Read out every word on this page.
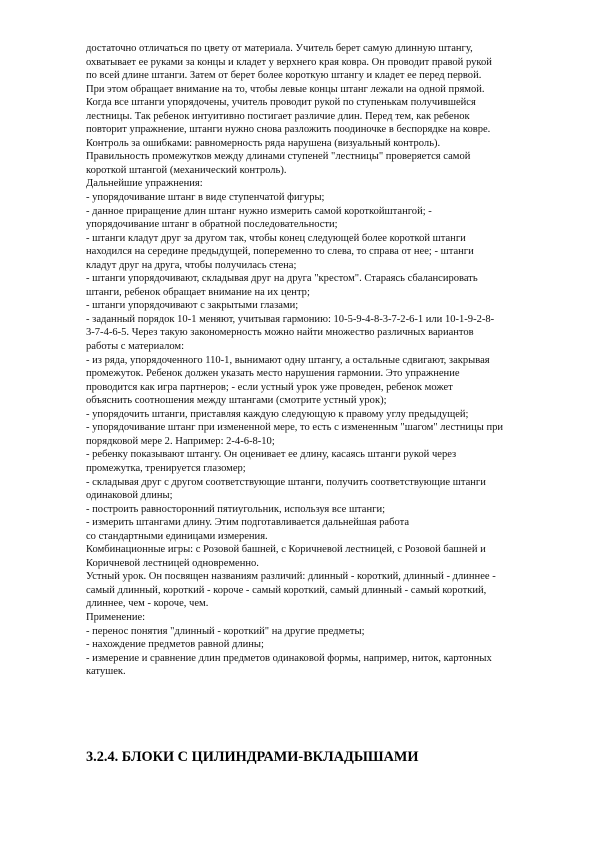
достаточно отличаться по цвету от материала. Учитель берет самую длинную штангу,
охватывает ее руками за концы и кладет у верхнего края ковра. Он проводит правой рукой
по всей длине штанги. Затем от берет более короткую штангу и кладет ее перед первой.
При этом обращает внимание на то, чтобы левые концы штанг лежали на одной прямой.
Когда все штанги упорядочены, учитель проводит рукой по ступенькам получившейся
лестницы. Так ребенок интуитивно постигает различие длин. Перед тем, как ребенок
повторит упражнение, штанги нужно снова разложить поодиночке в беспорядке на ковре.
Контроль за ошибками: равномерность ряда нарушена (визуальный контроль).
Правильность промежутков между длинами ступеней "лестницы" проверяется самой
короткой штангой (механический контроль).
Дальнейшие упражнения:
- упорядочивание штанг в виде ступенчатой фигуры;
- данное приращение длин штанг нужно измерить самой короткойштангой; -
упорядочивание штанг в обратной последовательности;
- штанги кладут друг за другом так, чтобы конец следующей более короткой штанги
находился на середине предыдущей, попеременно то слева, то справа от нее; - штанги
кладут друг на друга, чтобы получилась стена;
- штанги упорядочивают, складывая друг на друга "крестом". Стараясь сбалансировать
штанги, ребенок обращает внимание на их центр;
- штанги упорядочивают с закрытыми глазами;
- заданный порядок 10-1 меняют, учитывая гармонию: 10-5-9-4-8-3-7-2-6-1 или 10-1-9-2-8-
3-7-4-6-5. Через такую закономерность можно найти множество различных вариантов
работы с материалом:
- из ряда, упорядоченного 110-1, вынимают одну штангу, а остальные сдвигают, закрывая
промежуток. Ребенок должен указать место нарушения гармонии. Это упражнение
проводится как игра партнеров; - если устный урок уже проведен, ребенок может
объяснить соотношения между штангами (смотрите устный урок);
- упорядочить штанги, приставляя каждую следующую к правому углу предыдущей;
- упорядочивание штанг при измененной мере, то есть с измененным "шагом" лестницы при
порядковой мере 2. Например: 2-4-6-8-10;
- ребенку показывают штангу. Он оценивает ее длину, касаясь штанги рукой через
промежутка, тренируется глазомер;
- складывая друг с другом соответствующие штанги, получить соответствующие штанги
одинаковой длины;
- построить равносторонний пятиугольник, используя все штанги;
- измерить штангами длину. Этим подготавливается дальнейшая работа
со стандартными единицами измерения.
Комбинационные игры: с Розовой башней, с Коричневой лестницей, с Розовой башней и
Коричневой лестницей одновременно.
Устный урок. Он посвящен названиям различий: длинный - короткий, длинный - длиннее -
самый длинный, короткий - короче - самый короткий, самый длинный - самый короткий,
длиннее, чем - короче, чем.
Применение:
- перенос понятия "длинный - короткий" на другие предметы;
- нахождение предметов равной длины;
- измерение и сравнение длин предметов одинаковой формы, например, ниток, картонных
катушек.
3.2.4. БЛОКИ С ЦИЛИНДРАМИ-ВКЛАДЫШАМИ
